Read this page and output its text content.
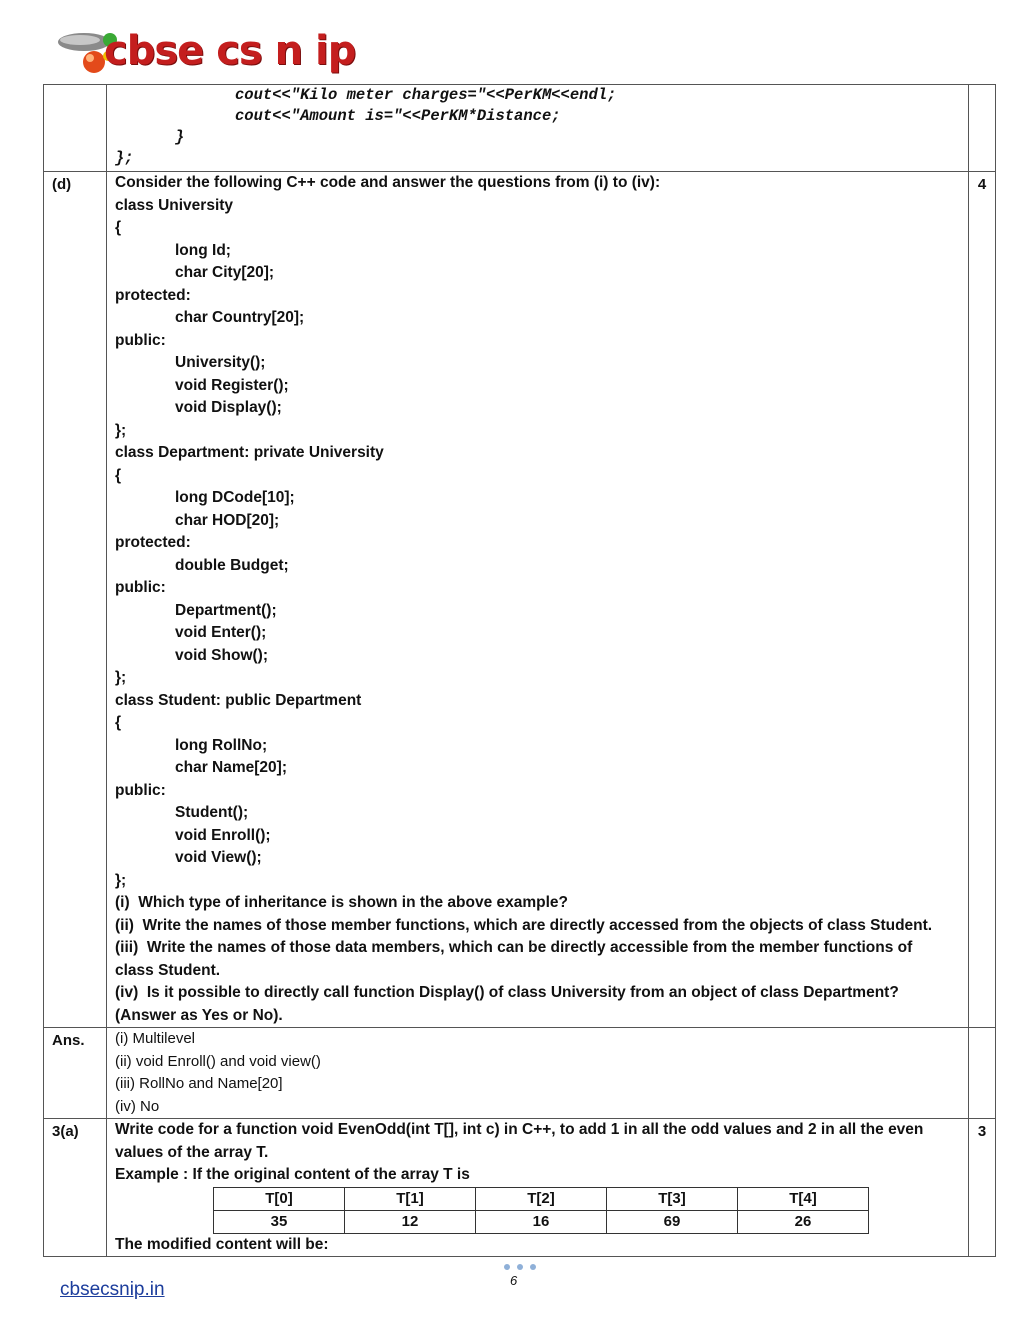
cbse cs n ip

cout<<"Kilo meter charges="<<PerKM<<endl;
cout<<"Amount is="<<PerKM*Distance;
}
};

(d)	Consider the following C++ code and answer the questions from (i) to (iv):
class University
{
long Id;
char City[20];
protected:
char Country[20];
public:
University();
void Register();
void Display();
};
class Department: private University
{
long DCode[10];
char HOD[20];
protected:
double Budget;
public:
Department();
void Enter();
void Show();
};
class Student: public Department
{
long RollNo;
char Name[20];
public:
Student();
void Enroll();
void View();
};
(i)  Which type of inheritance is shown in the above example?
(ii)  Write the names of those member functions, which are directly accessed from the objects of class Student.
(iii)  Write the names of those data members, which can be directly accessible from the member functions of
class Student.
(iv)  Is it possible to directly call function Display() of class University from an object of class Department?
(Answer as Yes or No).
	4
Ans.	(i) Multilevel
(ii) void Enroll() and void view()
(iii) RollNo and Name[20]
(iv) No

3(a)	Write code for a function void EvenOdd(int T[], int c) in C++, to add 1 in all the odd values and 2 in all the even
values of the array T.
Example : If the original content of the array T is
T[0]	T[1]	T[2]	T[3]	T[4]
35	12	16	69	26
The modified content will be:
	3
6
cbsecsnip.in
